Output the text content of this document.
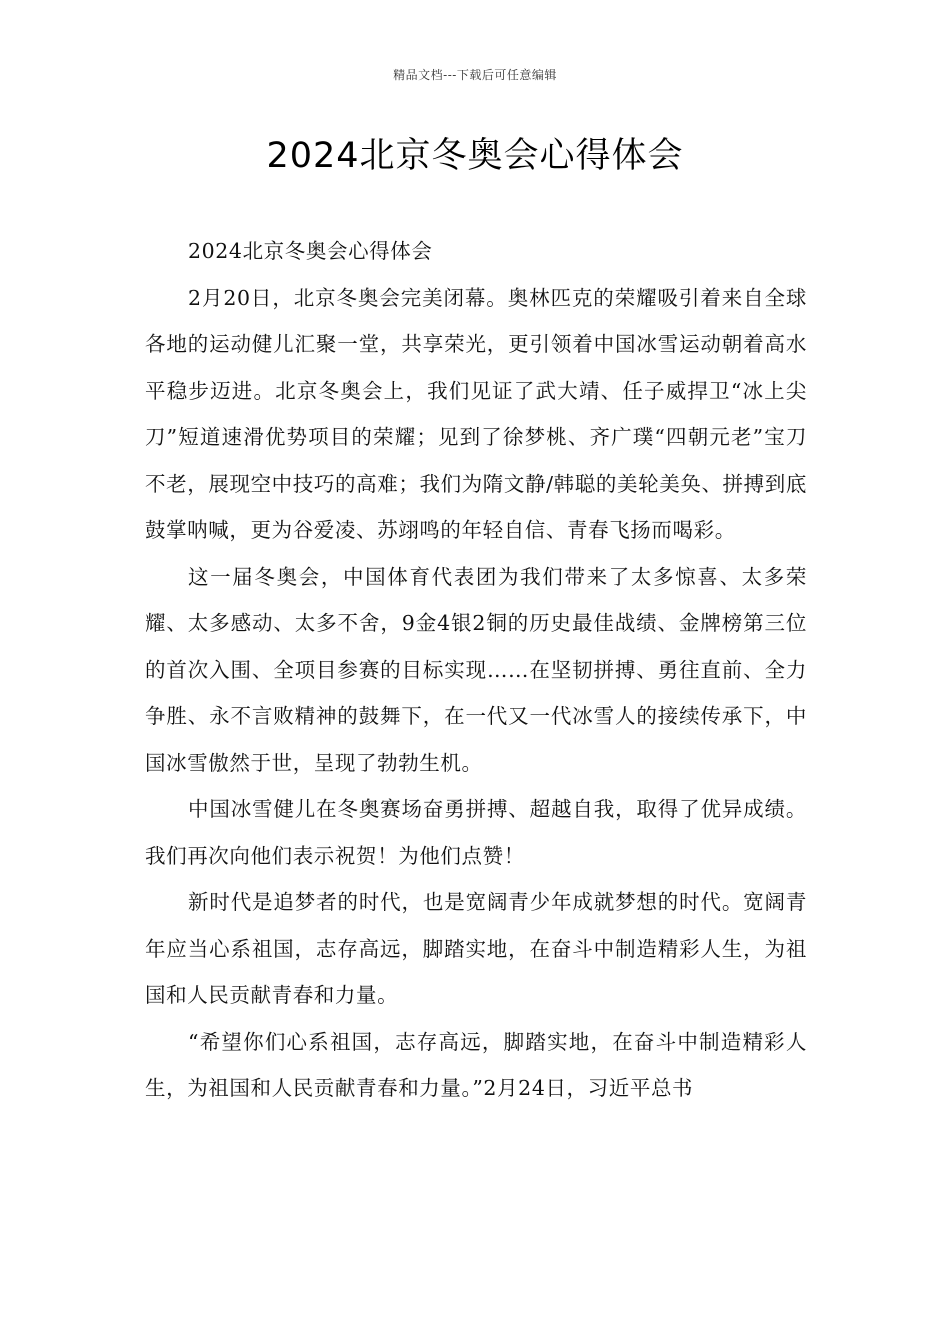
精品文档---下载后可任意编辑
2024北京冬奥会心得体会

2024北京冬奥会心得体会

2月20日，北京冬奥会完美闭幕。奥林匹克的荣耀吸引着来自全球各地的运动健儿汇聚一堂，共享荣光，更引领着中国冰雪运动朝着高水平稳步迈进。北京冬奥会上，我们见证了武大靖、任子威捍卫“冰上尖刀”短道速滑优势项目的荣耀；见到了徐梦桃、齐广璞“四朝元老”宝刀不老，展现空中技巧的高难；我们为隋文静/韩聪的美轮美奂、拼搏到底鼓掌呐喊，更为谷爱凌、苏翊鸣的年轻自信、青春飞扬而喝彩。

这一届冬奥会，中国体育代表团为我们带来了太多惊喜、太多荣耀、太多感动、太多不舍，9金4银2铜的历史最佳战绩、金牌榜第三位的首次入围、全项目参赛的目标实现……在坚韧拼搏、勇往直前、全力争胜、永不言败精神的鼓舞下，在一代又一代冰雪人的接续传承下，中国冰雪傲然于世，呈现了勃勃生机。

中国冰雪健儿在冬奥赛场奋勇拼搏、超越自我，取得了优异成绩。我们再次向他们表示祝贺！为他们点赞！

新时代是追梦者的时代，也是宽阔青少年成就梦想的时代。宽阔青年应当心系祖国，志存高远，脚踏实地，在奋斗中制造精彩人生，为祖国和人民贡献青春和力量。

“希望你们心系祖国，志存高远，脚踏实地，在奋斗中制造精彩人生，为祖国和人民贡献青春和力量。”2月24日，习近平总书
